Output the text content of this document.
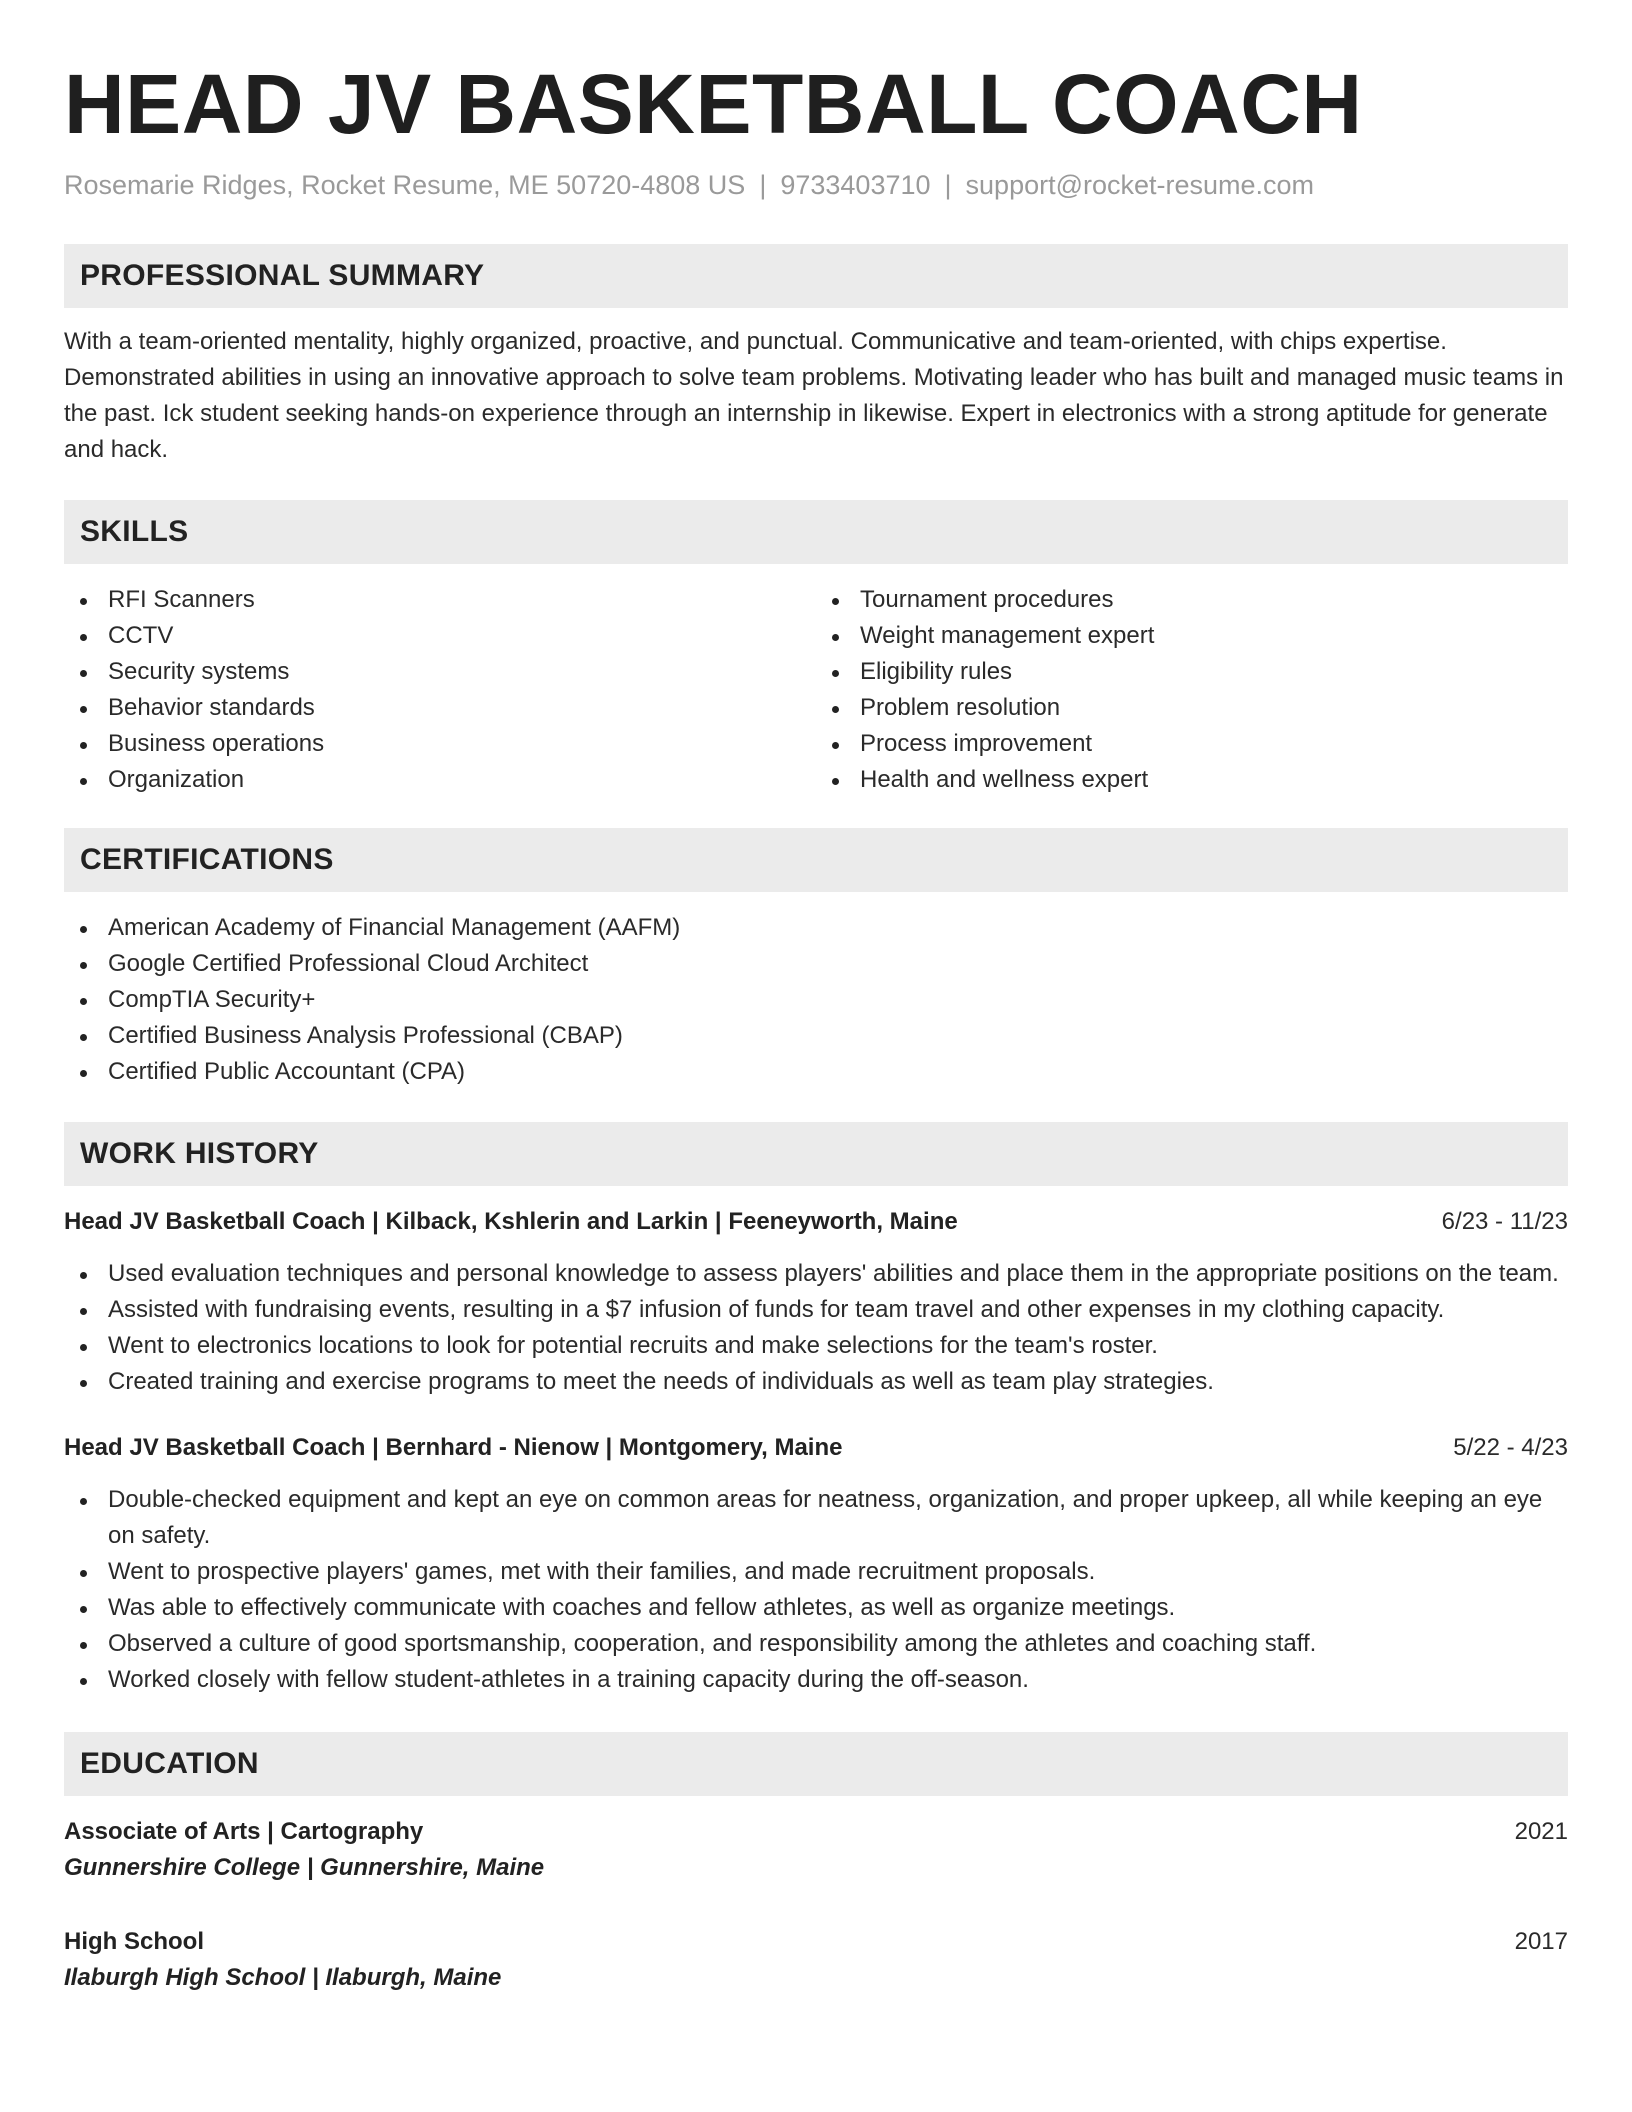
HEAD JV BASKETBALL COACH
Rosemarie Ridges, Rocket Resume, ME 50720-4808 US | 9733403710 | support@rocket-resume.com
PROFESSIONAL SUMMARY
With a team-oriented mentality, highly organized, proactive, and punctual. Communicative and team-oriented, with chips expertise. Demonstrated abilities in using an innovative approach to solve team problems. Motivating leader who has built and managed music teams in the past. Ick student seeking hands-on experience through an internship in likewise. Expert in electronics with a strong aptitude for generate and hack.
SKILLS
RFI Scanners
CCTV
Security systems
Behavior standards
Business operations
Organization
Tournament procedures
Weight management expert
Eligibility rules
Problem resolution
Process improvement
Health and wellness expert
CERTIFICATIONS
American Academy of Financial Management (AAFM)
Google Certified Professional Cloud Architect
CompTIA Security+
Certified Business Analysis Professional (CBAP)
Certified Public Accountant (CPA)
WORK HISTORY
Head JV Basketball Coach | Kilback, Kshlerin and Larkin | Feeneyworth, Maine	6/23 - 11/23
Used evaluation techniques and personal knowledge to assess players' abilities and place them in the appropriate positions on the team.
Assisted with fundraising events, resulting in a $7 infusion of funds for team travel and other expenses in my clothing capacity.
Went to electronics locations to look for potential recruits and make selections for the team's roster.
Created training and exercise programs to meet the needs of individuals as well as team play strategies.
Head JV Basketball Coach | Bernhard - Nienow | Montgomery, Maine	5/22 - 4/23
Double-checked equipment and kept an eye on common areas for neatness, organization, and proper upkeep, all while keeping an eye on safety.
Went to prospective players' games, met with their families, and made recruitment proposals.
Was able to effectively communicate with coaches and fellow athletes, as well as organize meetings.
Observed a culture of good sportsmanship, cooperation, and responsibility among the athletes and coaching staff.
Worked closely with fellow student-athletes in a training capacity during the off-season.
EDUCATION
Associate of Arts | Cartography	2021
Gunnershire College | Gunnershire, Maine
High School	2017
Ilaburgh High School | Ilaburgh, Maine
